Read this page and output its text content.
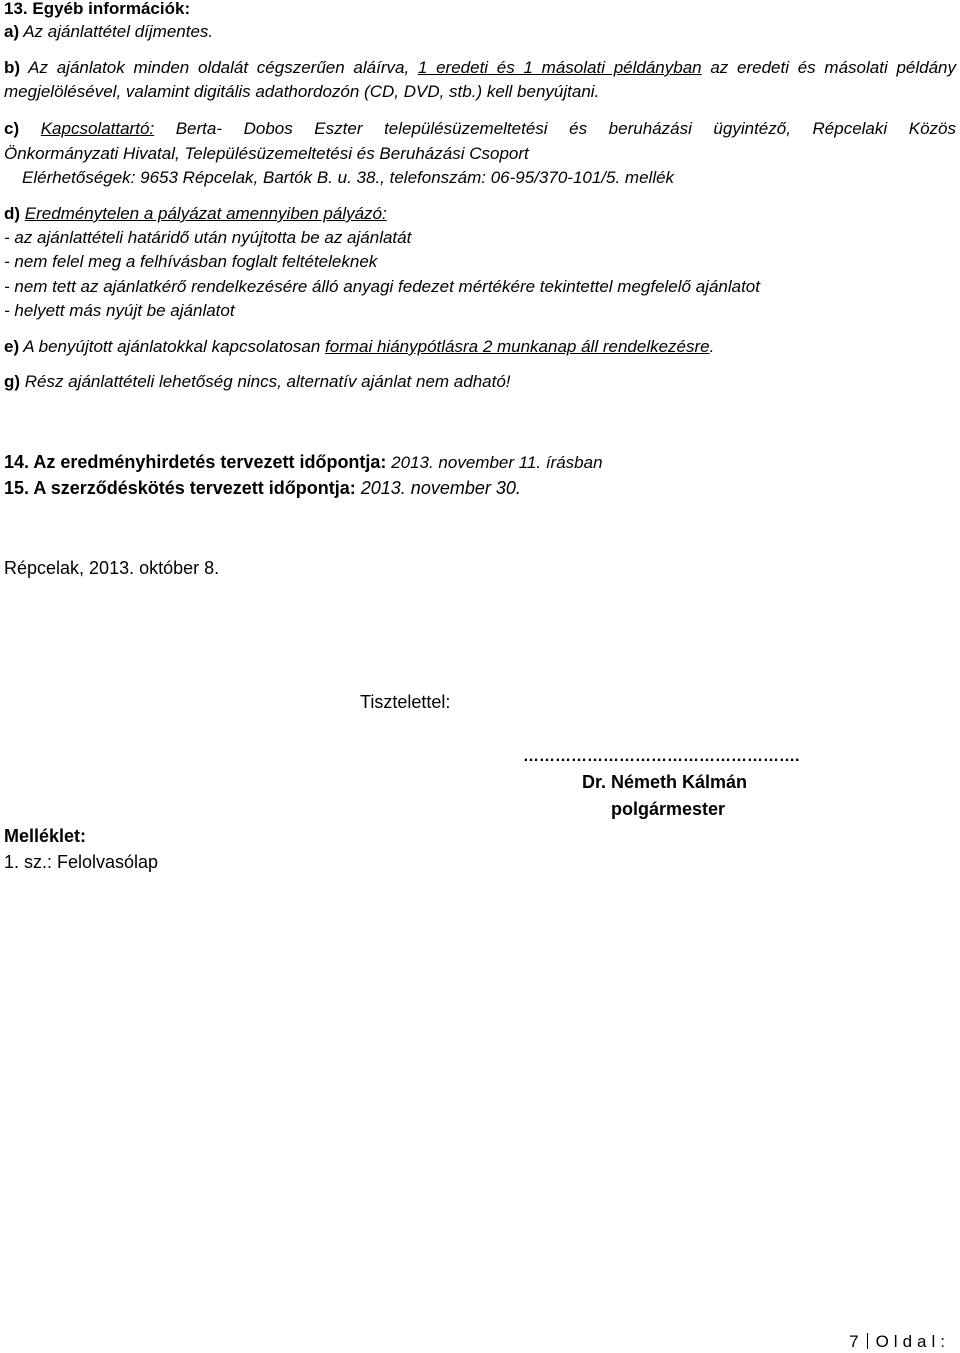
13. Egyéb információk:
a) Az ajánlattétel díjmentes.
b) Az ajánlatok minden oldalát cégszerűen aláírva, 1 eredeti és 1 másolati példányban az eredeti és másolati példány
megjelölésével, valamint digitális adathordozón (CD, DVD, stb.) kell benyújtani.
c) Kapcsolattartó: Berta- Dobos Eszter településüzemeltetési és beruházási ügyintéző, Répcelaki Közös
Önkormányzati Hivatal, Településüzemeltetési és Beruházási Csoport
Elérhetőségek: 9653 Répcelak, Bartók B. u. 38., telefonszám: 06-95/370-101/5. mellék
d) Eredménytelen a pályázat amennyiben pályázó:
- az ajánlattételi határidő után nyújtotta be az ajánlatát
- nem felel meg a felhívásban foglalt feltételeknek
- nem tett az ajánlatkérő rendelkezésére álló anyagi fedezet mértékére tekintettel megfelelő ajánlatot
- helyett más nyújt be ajánlatot
e) A benyújtott ajánlatokkal kapcsolatosan formai hiánypótlásra 2 munkanap áll rendelkezésre.
g) Rész ajánlattételi lehetőség nincs, alternatív ajánlat nem adható!
14. Az eredményhirdetés tervezett időpontja: 2013. november 11. írásban
15. A szerződéskötés tervezett időpontja: 2013. november 30.
Répcelak, 2013. október 8.
Tisztelettel:
…………………………………………….
Dr. Németh Kálmán
polgármester
Melléklet:
1. sz.: Felolvasólap
7 Oldal:
